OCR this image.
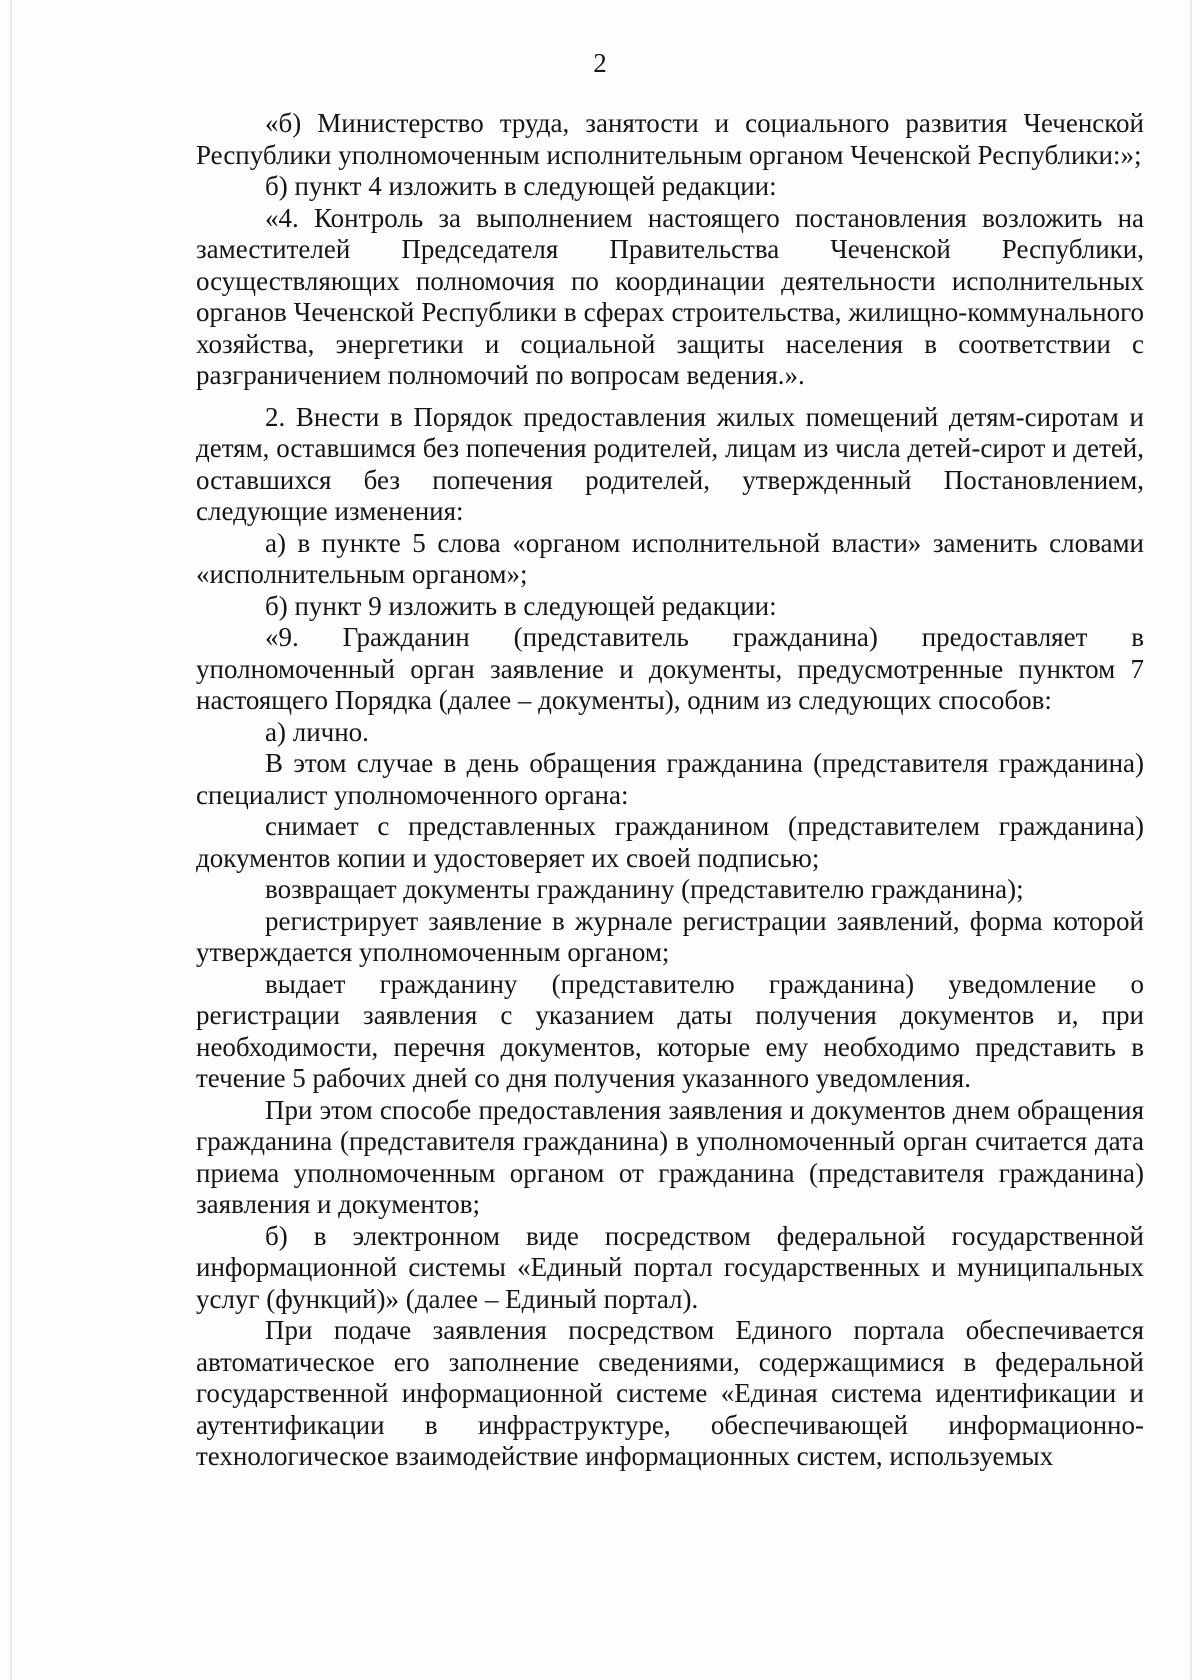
2

«б) Министерство труда, занятости и социального развития Чеченской Республики уполномоченным исполнительным органом Чеченской Республики:»;

б) пункт 4 изложить в следующей редакции:

«4. Контроль за выполнением настоящего постановления возложить на заместителей Председателя Правительства Чеченской Республики, осуществляющих полномочия по координации деятельности исполнительных органов Чеченской Республики в сферах строительства, жилищно-коммунального хозяйства, энергетики и социальной защиты населения в соответствии с разграничением полномочий по вопросам ведения.».

2. Внести в Порядок предоставления жилых помещений детям-сиротам и детям, оставшимся без попечения родителей, лицам из числа детей-сирот и детей, оставшихся без попечения родителей, утвержденный Постановлением, следующие изменения:

а) в пункте 5 слова «органом исполнительной власти» заменить словами «исполнительным органом»;

б) пункт 9 изложить в следующей редакции:

«9. Гражданин (представитель гражданина) предоставляет в уполномоченный орган заявление и документы, предусмотренные пунктом 7 настоящего Порядка (далее – документы), одним из следующих способов:

а) лично.

В этом случае в день обращения гражданина (представителя гражданина) специалист уполномоченного органа:

снимает с представленных гражданином (представителем гражданина) документов копии и удостоверяет их своей подписью;

возвращает документы гражданину (представителю гражданина);

регистрирует заявление в журнале регистрации заявлений, форма которой утверждается уполномоченным органом;

выдает гражданину (представителю гражданина) уведомление о регистрации заявления с указанием даты получения документов и, при необходимости, перечня документов, которые ему необходимо представить в течение 5 рабочих дней со дня получения указанного уведомления.

При этом способе предоставления заявления и документов днем обращения гражданина (представителя гражданина) в уполномоченный орган считается дата приема уполномоченным органом от гражданина (представителя гражданина) заявления и документов;

б) в электронном виде посредством федеральной государственной информационной системы «Единый портал государственных и муниципальных услуг (функций)» (далее – Единый портал).

При подаче заявления посредством Единого портала обеспечивается автоматическое его заполнение сведениями, содержащимися в федеральной государственной информационной системе «Единая система идентификации и аутентификации в инфраструктуре, обеспечивающей информационно-технологическое взаимодействие информационных систем, используемых
